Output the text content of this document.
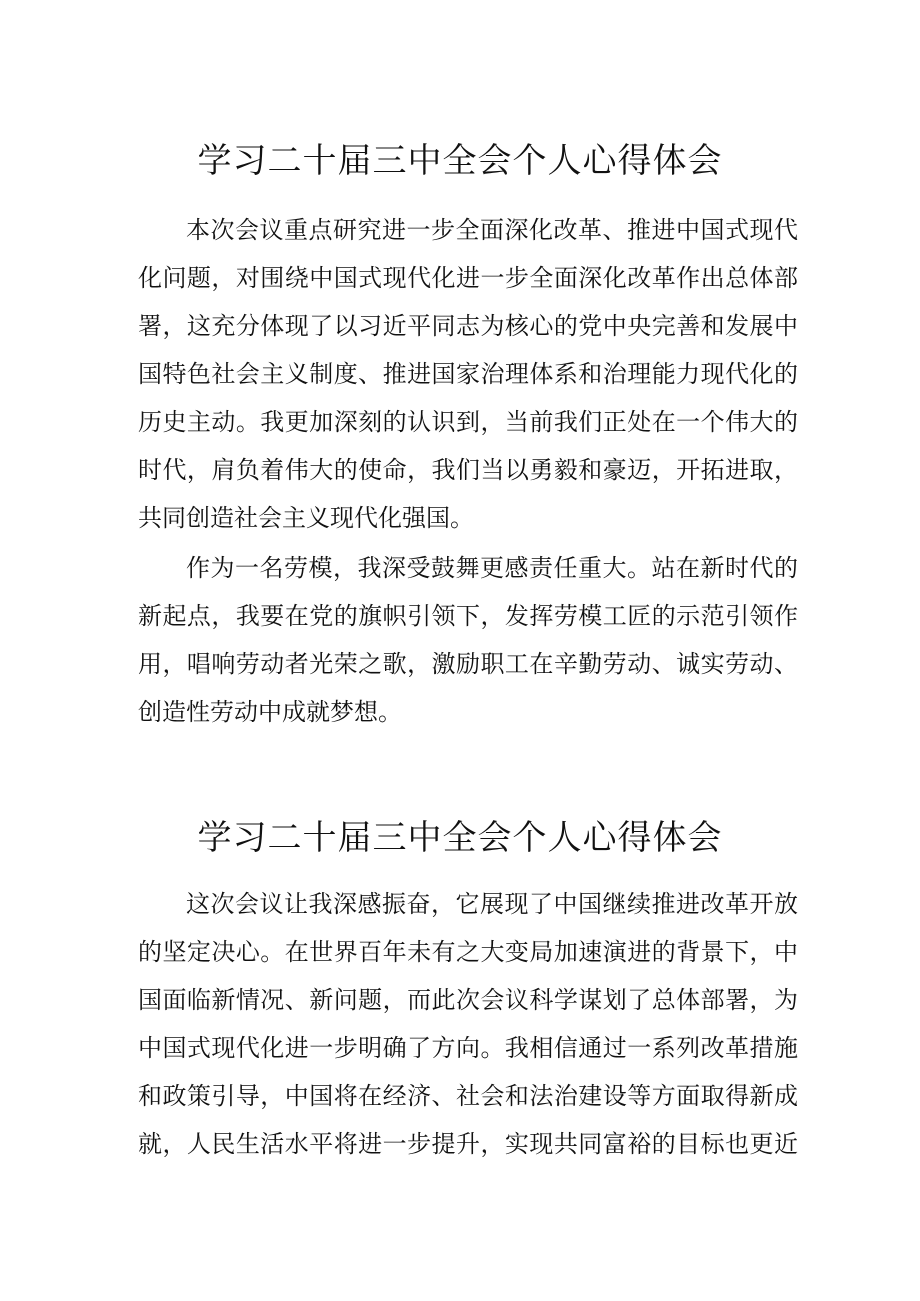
学习二十届三中全会个人心得体会
本次会议重点研究进一步全面深化改革、推进中国式现代
化问题，对围绕中国式现代化进一步全面深化改革作出总体部
署，这充分体现了以习近平同志为核心的党中央完善和发展中
国特色社会主义制度、推进国家治理体系和治理能力现代化的
历史主动。我更加深刻的认识到，当前我们正处在一个伟大的
时代，肩负着伟大的使命，我们当以勇毅和豪迈，开拓进取，
共同创造社会主义现代化强国。
作为一名劳模，我深受鼓舞更感责任重大。站在新时代的
新起点，我要在党的旗帜引领下，发挥劳模工匠的示范引领作
用，唱响劳动者光荣之歌，激励职工在辛勤劳动、诚实劳动、
创造性劳动中成就梦想。
学习二十届三中全会个人心得体会
这次会议让我深感振奋，它展现了中国继续推进改革开放
的坚定决心。在世界百年未有之大变局加速演进的背景下，中
国面临新情况、新问题，而此次会议科学谋划了总体部署，为
中国式现代化进一步明确了方向。我相信通过一系列改革措施
和政策引导，中国将在经济、社会和法治建设等方面取得新成
就，人民生活水平将进一步提升，实现共同富裕的目标也更近
